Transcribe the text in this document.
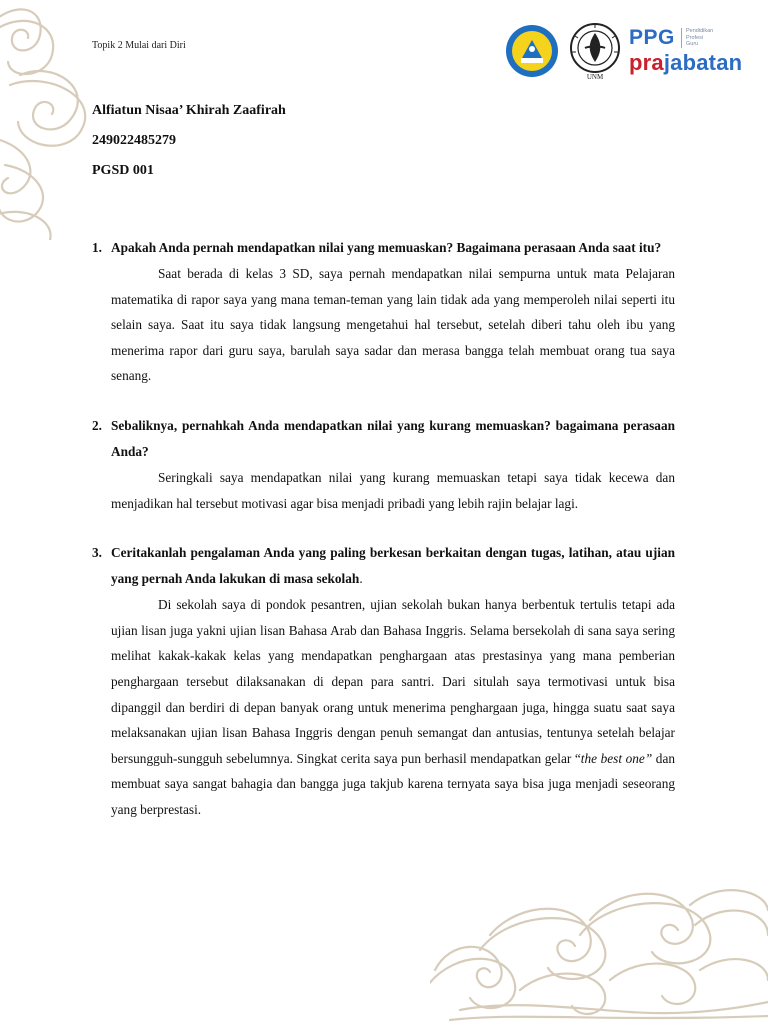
Topik 2 Mulai dari Diri
UNM
PPG Pendidikan
Profesi
Guru
prajabatan
Alfiatun Nisaa’ Khirah Zaafirah
249022485279
PGSD 001
1. Apakah Anda pernah mendapatkan nilai yang memuaskan? Bagaimana perasaan Anda saat itu?
Saat berada di kelas 3 SD, saya pernah mendapatkan nilai sempurna untuk mata Pelajaran matematika di rapor saya yang mana teman-teman yang lain tidak ada yang memperoleh nilai seperti itu selain saya. Saat itu saya tidak langsung mengetahui hal tersebut, setelah diberi tahu oleh ibu yang menerima rapor dari guru saya, barulah saya sadar dan merasa bangga telah membuat orang tua saya senang.
2. Sebaliknya, pernahkah Anda mendapatkan nilai yang kurang memuaskan? bagaimana perasaan Anda?
Seringkali saya mendapatkan nilai yang kurang memuaskan tetapi saya tidak kecewa dan menjadikan hal tersebut motivasi agar bisa menjadi pribadi yang lebih rajin belajar lagi.
3. Ceritakanlah pengalaman Anda yang paling berkesan berkaitan dengan tugas, latihan, atau ujian yang pernah Anda lakukan di masa sekolah.
Di sekolah saya di pondok pesantren, ujian sekolah bukan hanya berbentuk tertulis tetapi ada ujian lisan juga yakni ujian lisan Bahasa Arab dan Bahasa Inggris. Selama bersekolah di sana saya sering melihat kakak-kakak kelas yang mendapatkan penghargaan atas prestasinya yang mana pemberian penghargaan tersebut dilaksanakan di depan para santri. Dari situlah saya termotivasi untuk bisa dipanggil dan berdiri di depan banyak orang untuk menerima penghargaan juga, hingga suatu saat saya melaksanakan ujian lisan Bahasa Inggris dengan penuh semangat dan antusias, tentunya setelah belajar bersungguh-sungguh sebelumnya. Singkat cerita saya pun berhasil mendapatkan gelar “the best one” dan membuat saya sangat bahagia dan bangga juga takjub karena ternyata saya bisa juga menjadi seseorang yang berprestasi.
